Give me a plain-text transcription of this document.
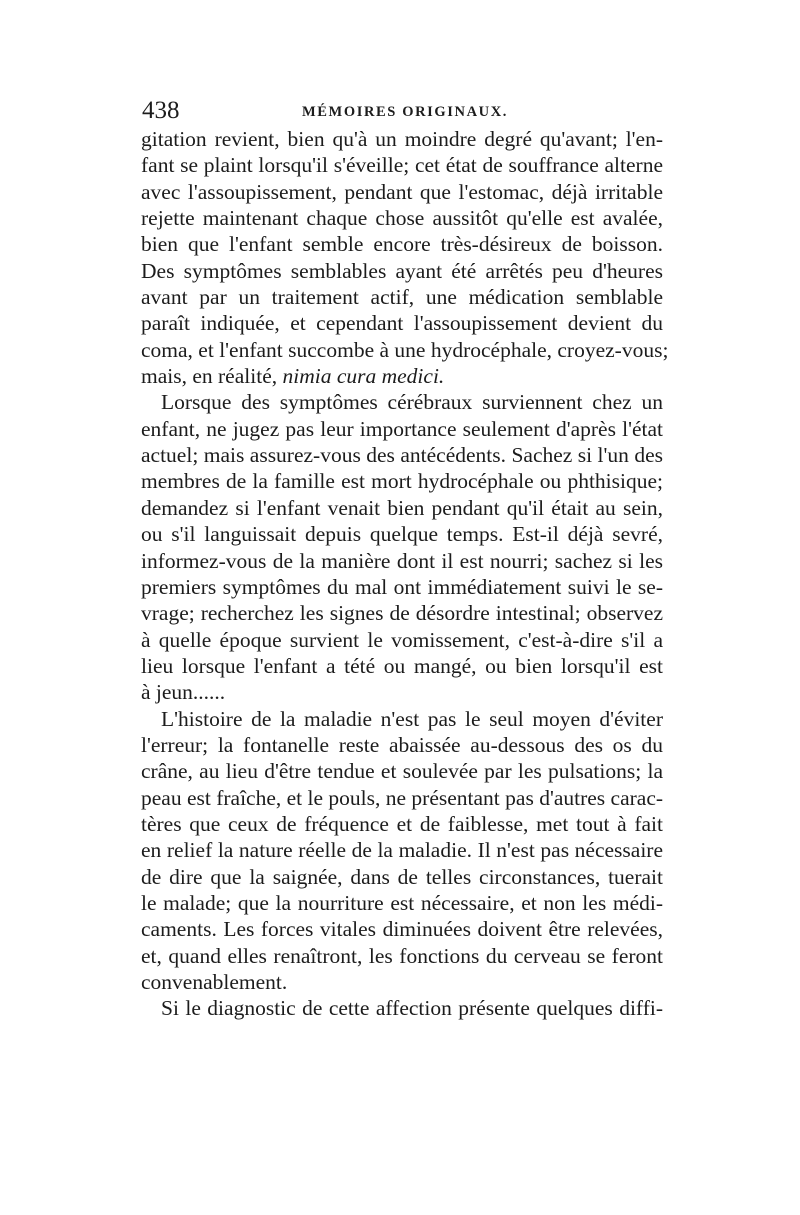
438	MÉMOIRES ORIGINAUX.
gitation revient, bien qu'à un moindre degré qu'avant; l'en-
fant se plaint lorsqu'il s'éveille; cet état de souffrance alterne
avec l'assoupissement, pendant que l'estomac, déjà irritable
rejette maintenant chaque chose aussitôt qu'elle est avalée,
bien que l'enfant semble encore très-désireux de boisson.
Des symptômes semblables ayant été arrêtés peu d'heures
avant par un traitement actif, une médication semblable
paraît indiquée, et cependant l'assoupissement devient du
coma, et l'enfant succombe à une hydrocéphale, croyez-vous;
mais, en réalité, nimia cura medici.
Lorsque des symptômes cérébraux surviennent chez un
enfant, ne jugez pas leur importance seulement d'après l'état
actuel; mais assurez-vous des antécédents. Sachez si l'un des
membres de la famille est mort hydrocéphale ou phthisique;
demandez si l'enfant venait bien pendant qu'il était au sein,
ou s'il languissait depuis quelque temps. Est-il déjà sevré,
informez-vous de la manière dont il est nourri; sachez si les
premiers symptômes du mal ont immédiatement suivi le se-
vrage; recherchez les signes de désordre intestinal; observez
à quelle époque survient le vomissement, c'est-à-dire s'il a
lieu lorsque l'enfant a tété ou mangé, ou bien lorsqu'il est
à jeun......
L'histoire de la maladie n'est pas le seul moyen d'éviter
l'erreur; la fontanelle reste abaissée au-dessous des os du
crâne, au lieu d'être tendue et soulevée par les pulsations; la
peau est fraîche, et le pouls, ne présentant pas d'autres carac-
tères que ceux de fréquence et de faiblesse, met tout à fait
en relief la nature réelle de la maladie. Il n'est pas nécessaire
de dire que la saignée, dans de telles circonstances, tuerait
le malade; que la nourriture est nécessaire, et non les médi-
caments. Les forces vitales diminuées doivent être relevées,
et, quand elles renaîtront, les fonctions du cerveau se feront
convenablement.
Si le diagnostic de cette affection présente quelques diffi-
